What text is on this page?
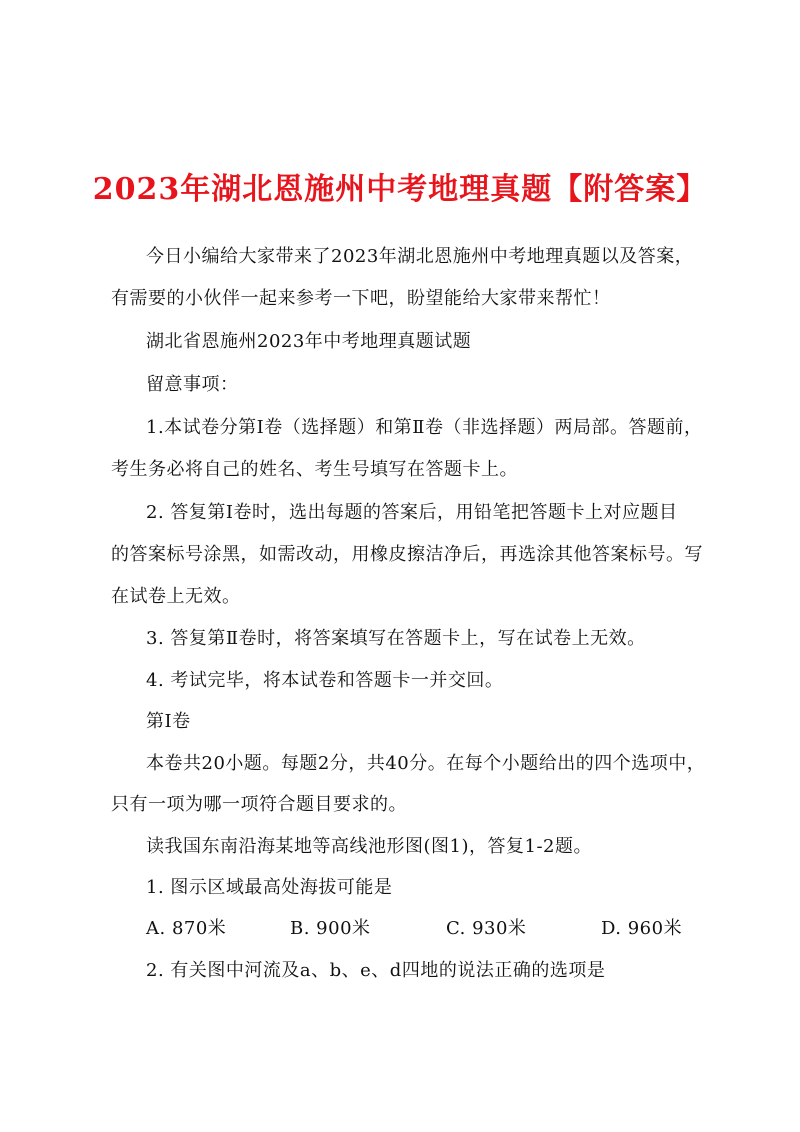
2023年湖北恩施州中考地理真题【附答案】
今日小编给大家带来了2023年湖北恩施州中考地理真题以及答案，
有需要的小伙伴一起来参考一下吧，盼望能给大家带来帮忙！
湖北省恩施州2023年中考地理真题试题
留意事项：
1.本试卷分第Ⅰ卷（选择题）和第Ⅱ卷（非选择题）两局部。答题前，
考生务必将自己的姓名、考生号填写在答题卡上。
2. 答复第Ⅰ卷时，选出每题的答案后，用铅笔把答题卡上对应题目
的答案标号涂黑，如需改动，用橡皮擦洁净后，再选涂其他答案标号。写
在试卷上无效。
3. 答复第Ⅱ卷时，将答案填写在答题卡上，写在试卷上无效。
4. 考试完毕，将本试卷和答题卡一并交回。
第Ⅰ卷
本卷共20小题。每题2分，共40分。在每个小题给出的四个选项中，
只有一项为哪一项符合题目要求的。
读我国东南沿海某地等高线池形图(图1)，答复1-2题。
1. 图示区域最高处海拔可能是
A. 870米	B. 900米	C. 930米	D. 960米
2. 有关图中河流及a、b、e、d四地的说法正确的选项是
